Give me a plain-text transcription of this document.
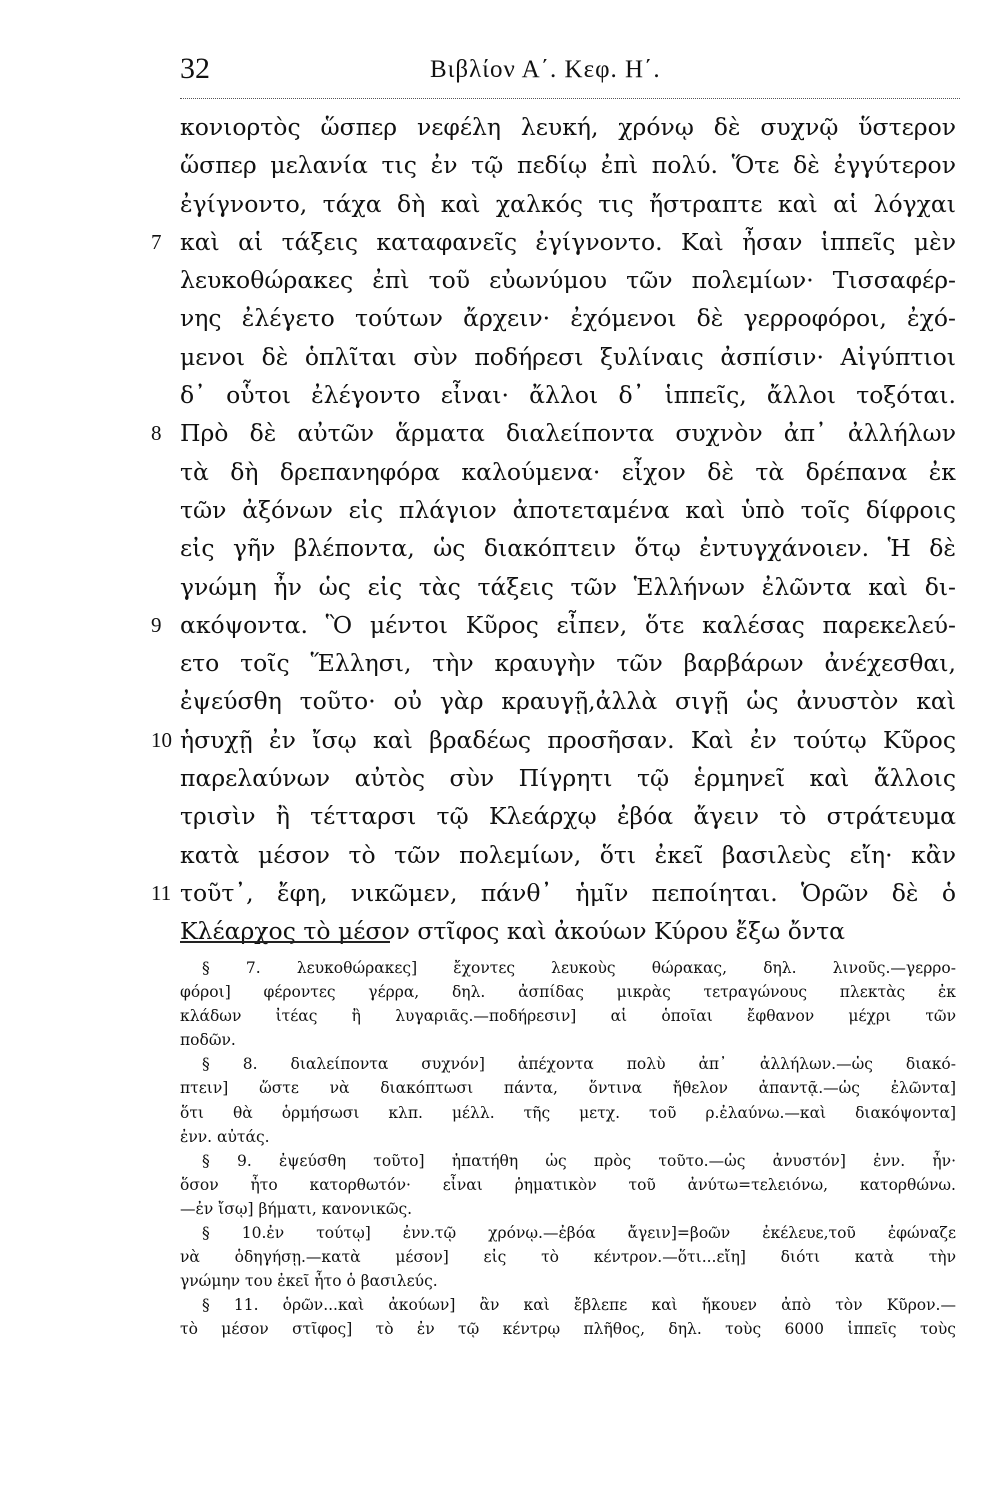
32	Βιβλίον Α΄. Κεφ. Η΄.
κονιορτὸς ὥσπερ νεφέλη λευκή, χρόνῳ δὲ συχνῷ ὕστερον
ὥσπερ μελανία τις ἐν τῷ πεδίῳ ἐπὶ πολύ. Ὅτε δὲ ἐγγύτερον
ἐγίγνοντο, τάχα δὴ καὶ χαλκός τις ἤστραπτε καὶ αἱ λόγχαι
7 καὶ αἱ τάξεις καταφανεῖς ἐγίγνοντο. Καὶ ἦσαν ἱππεῖς μὲν
λευκοθώρακες ἐπὶ τοῦ εὐωνύμου τῶν πολεμίων· Τισσαφέρ-
νης ἐλέγετο τούτων ἄρχειν· ἐχόμενοι δὲ γερροφόροι, ἐχό-
μενοι δὲ ὁπλῖται σὺν ποδήρεσι ξυλίναις ἀσπίσιν· Αἰγύπτιοι
δ᾽ οὗτοι ἐλέγοντο εἶναι· ἄλλοι δ᾽ ἱππεῖς, ἄλλοι τοξόται.
8 Πρὸ δὲ αὐτῶν ἅρματα διαλείποντα συχνὸν ἀπ᾽ ἀλλήλων
τὰ δὴ δρεπανηφόρα καλούμενα· εἶχον δὲ τὰ δρέπανα ἐκ
τῶν ἀξόνων εἰς πλάγιον ἀποτεταμένα καὶ ὑπὸ τοῖς δίφροις
εἰς γῆν βλέποντα, ὡς διακόπτειν ὅτῳ ἐντυγχάνοιεν. Ἡ δὲ
γνώμη ἦν ὡς εἰς τὰς τάξεις τῶν Ἑλλήνων ἐλῶντα καὶ δι-
9 ακόψοντα. Ὃ μέντοι Κῦρος εἶπεν, ὅτε καλέσας παρεκελεύ-
ετο τοῖς Ἕλλησι, τὴν κραυγὴν τῶν βαρβάρων ἀνέχεσθαι,
ἐψεύσθη τοῦτο· οὐ γὰρ κραυγῇ,ἀλλὰ σιγῇ ὡς ἀνυστὸν καὶ
10 ἡσυχῇ ἐν ἴσῳ καὶ βραδέως προσῆσαν. Καὶ ἐν τούτῳ Κῦρος
παρελαύνων αὐτὸς σὺν Πίγρητι τῷ ἑρμηνεῖ καὶ ἄλλοις
τρισὶν ἢ τέτταρσι τῷ Κλεάρχῳ ἐβόα ἄγειν τὸ στράτευμα
κατὰ μέσον τὸ τῶν πολεμίων, ὅτι ἐκεῖ βασιλεὺς εἴη· κἂν
11 τοῦτ᾽, ἔφη, νικῶμεν, πάνθ᾽ ἡμῖν πεποίηται. Ὁρῶν δὲ ὁ
Κλέαρχος τὸ μέσον στῖφος καὶ ἀκούων Κύρου ἔξω ὄντα
§ 7. λευκοθώρακες] ἔχοντες λευκοὺς θώρακας, δηλ. λινοῦς.—γερρο-
φόροι] φέροντες γέρρα, δηλ. ἀσπίδας μικρὰς τετραγώνους πλεκτὰς ἐκ
κλάδων ἰτέας ἢ λυγαριᾶς.—ποδήρεσιν] αἱ ὁποῖαι ἔφθανον μέχρι τῶν
ποδῶν.
§ 8. διαλείποντα συχνόν] ἀπέχοντα πολὺ ἀπ᾽ ἀλλήλων.—ὡς διακό-
πτειν] ὥστε νὰ διακόπτωσι πάντα, ὅντινα ἤθελον ἀπαντᾷ.—ὡς ἐλῶντα]
ὅτι θὰ ὁρμήσωσι κλπ. μέλλ. τῆς μετχ. τοῦ ρ.ἐλαύνω.—καὶ διακόψοντα]
ἐνν. αὐτάς.
§ 9. ἐψεύσθη τοῦτο] ἠπατήθη ὡς πρὸς τοῦτο.—ὡς ἀνυστόν] ἐνν. ἦν·
ὅσον ἦτο κατορθωτόν· εἶναι ῥηματικὸν τοῦ ἀνύτω=τελειόνω, κατορθώνω.
—ἐν ἴσῳ] βήματι, κανονικῶς.
§ 10.ἐν τούτῳ] ἐνν.τῷ χρόνῳ.—ἐβόα ἄγειν]=βοῶν ἐκέλευε,τοῦ ἐφώναζε
νὰ ὁδηγήσῃ.—κατὰ μέσον] εἰς τὸ κέντρον.—ὅτι...εἴη] διότι κατὰ τὴν
γνώμην του ἐκεῖ ἦτο ὁ βασιλεύς.
§ 11. ὁρῶν...καὶ ἀκούων] ἂν καὶ ἔβλεπε καὶ ἤκουεν ἀπὸ τὸν Κῦρον.—
τὸ μέσον στῖφος] τὸ ἐν τῷ κέντρῳ πλῆθος, δηλ. τοὺς 6000 ἱππεῖς τοὺς
